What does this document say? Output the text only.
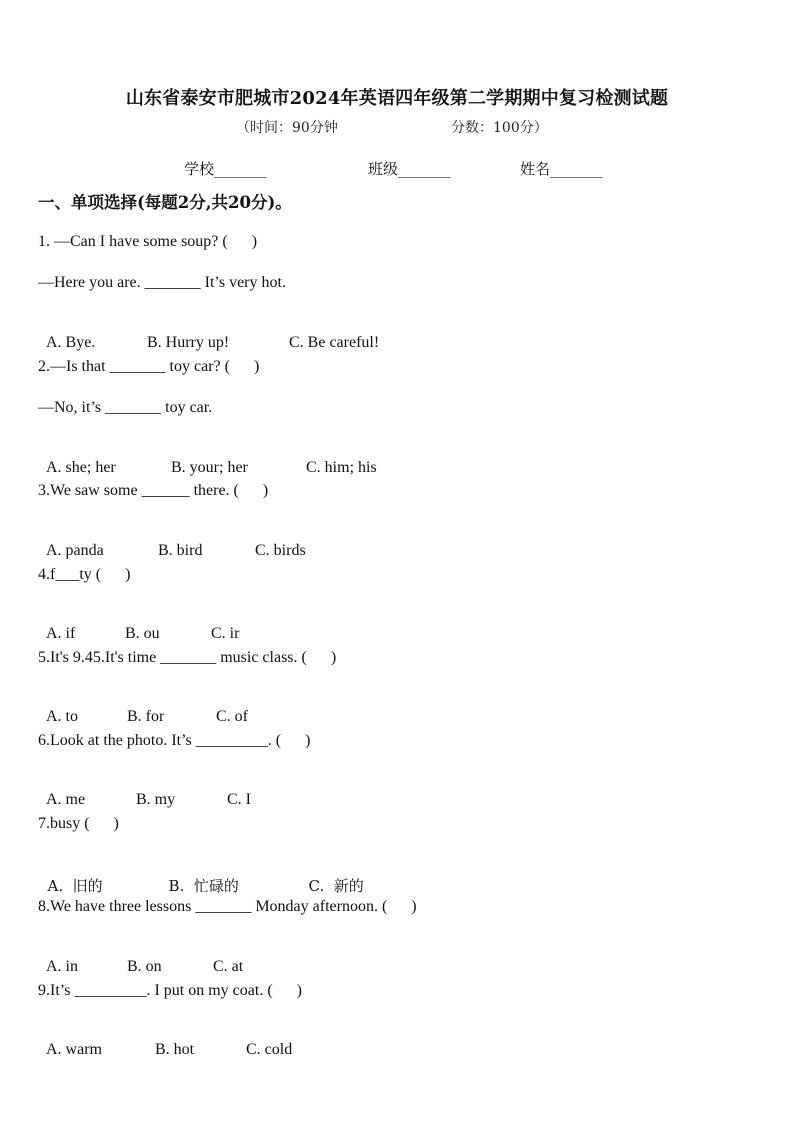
山东省泰安市肥城市2024年英语四年级第二学期期中复习检测试题
（时间：90分钟	分数：100分）
学校_______	班级_______	姓名_______
一、单项选择(每题2分,共20分)。
1. —Can I have some soup? (      )
—Here you are. _______ It’s very hot.

A. Bye.	B. Hurry up!	C. Be careful!

2.—Is that _______ toy car? (      )
—No, it’s _______ toy car.

A. she; her	B. your; her	C. him; his

3.We saw some ______ there. (      )

A. panda	B. bird	C. birds

4.f___ty (      )

A. if	B. ou	C. ir

5.It's 9.45.It's time _______ music class. (      )

A. to	B. for	C. of

6.Look at the photo. It’s _________. (      )

A. me	B. my	C. I

7.busy (      )

A.  旧的	B.  忙碌的	C.  新的

8.We have three lessons _______ Monday afternoon. (      )

A. in	B. on	C. at

9.It’s _________. I put on my coat. (      )

A. warm	B. hot	C. cold
